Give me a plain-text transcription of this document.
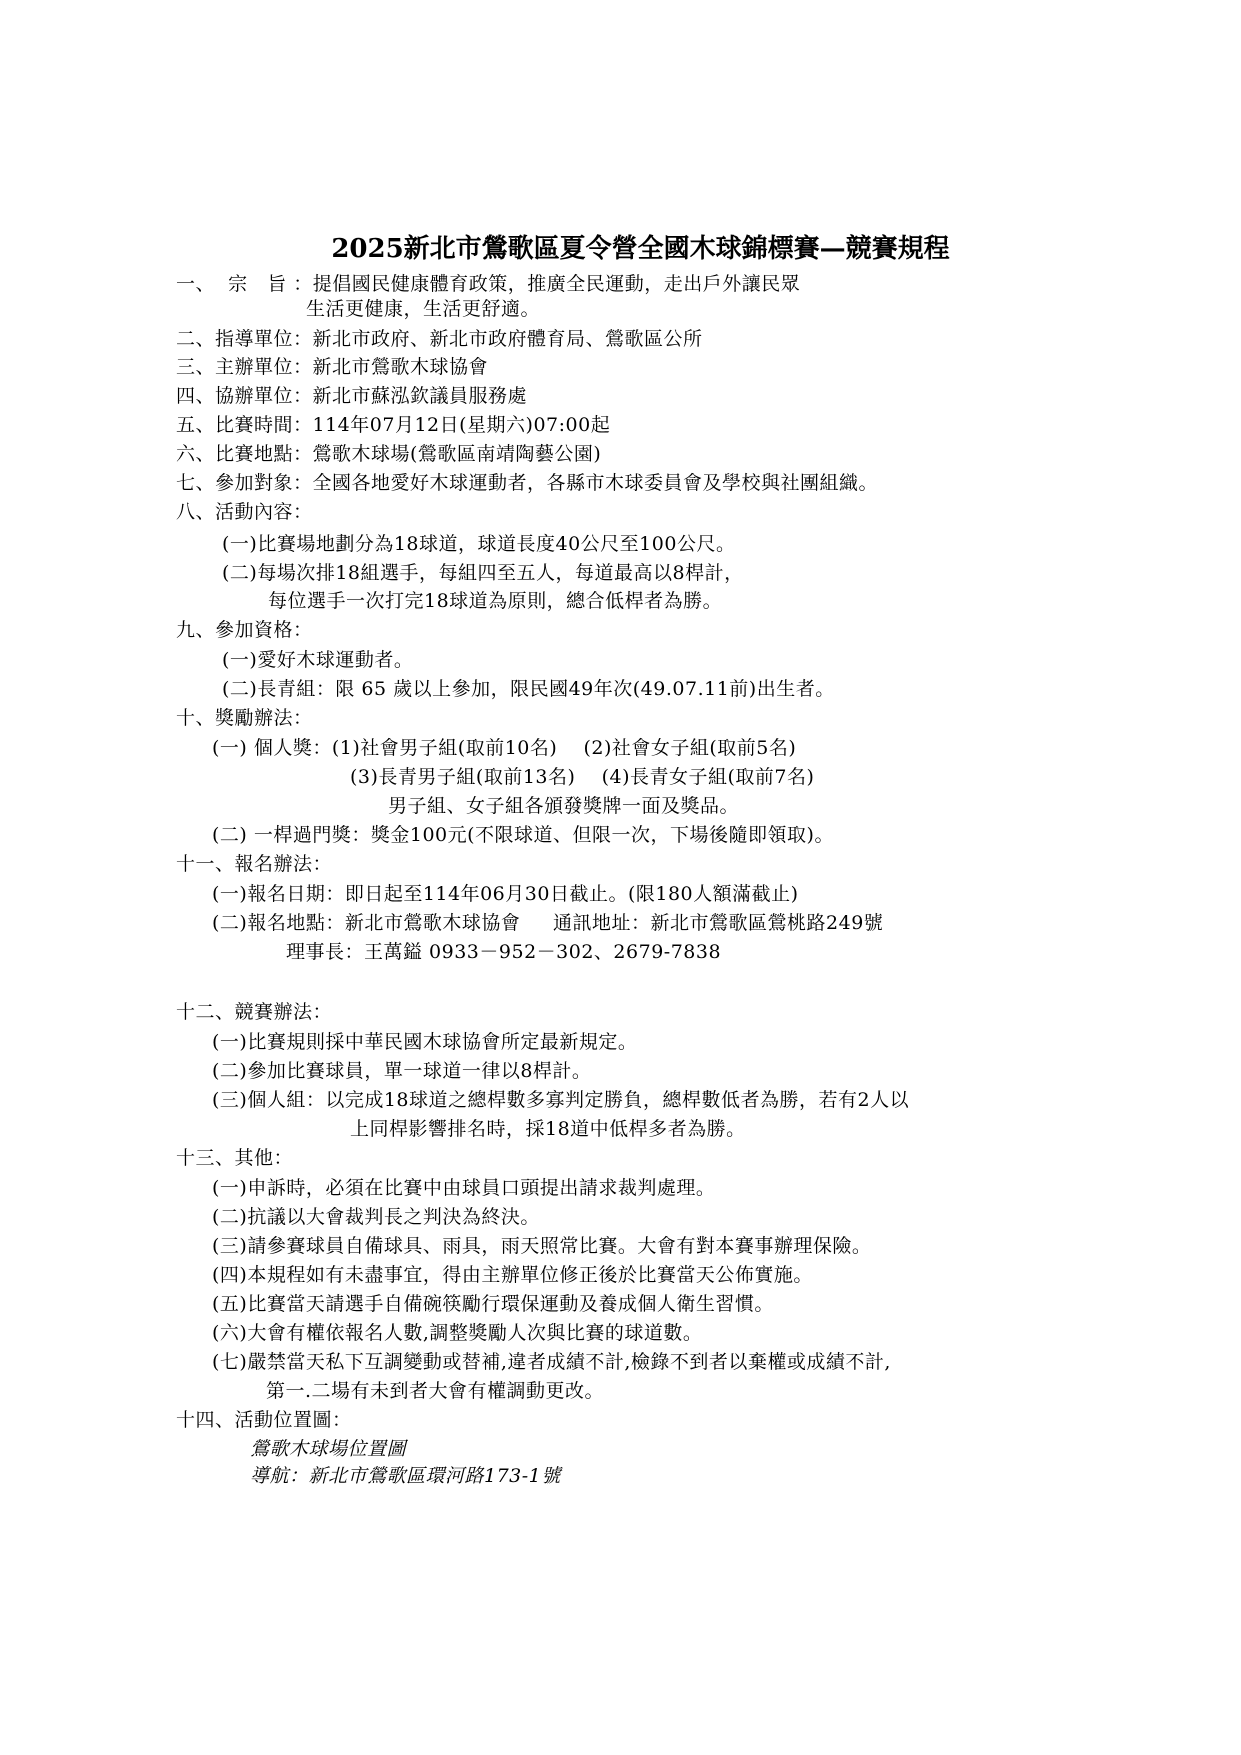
2025新北市鶯歌區夏令營全國木球錦標賽—競賽規程
一、  宗   旨 ：提倡國民健康體育政策，推廣全民運動，走出戶外讓民眾
生活更健康，生活更舒適。
二、指導單位：新北市政府、新北市政府體育局、鶯歌區公所
三、主辦單位：新北市鶯歌木球協會
四、協辦單位：新北市蘇泓欽議員服務處
五、比賽時間：114年07月12日(星期六)07:00起
六、比賽地點：鶯歌木球場(鶯歌區南靖陶藝公園)
七、參加對象：全國各地愛好木球運動者，各縣市木球委員會及學校與社團組織。
八、活動內容：
(一)比賽場地劃分為18球道，球道長度40公尺至100公尺。
(二)每場次排18組選手，每組四至五人，每道最高以8桿計，
每位選手一次打完18球道為原則，總合低桿者為勝。
九、參加資格：
(一)愛好木球運動者。
(二)長青組：限 65 歲以上參加，限民國49年次(49.07.11前)出生者。
十、獎勵辦法：
(一) 個人獎：(1)社會男子組(取前10名)    (2)社會女子組(取前5名)
(3)長青男子組(取前13名)    (4)長青女子組(取前7名)
男子組、女子組各頒發獎牌一面及獎品。
(二) 一桿過門獎：獎金100元(不限球道、但限一次，下場後隨即領取)。
十一、報名辦法：
(一)報名日期：即日起至114年06月30日截止。(限180人額滿截止)
(二)報名地點：新北市鶯歌木球協會     通訊地址：新北市鶯歌區鶯桃路249號
理事長：王萬鎰 0933－952－302、2679-7838
十二、競賽辦法：
(一)比賽規則採中華民國木球協會所定最新規定。
(二)參加比賽球員，單一球道一律以8桿計。
(三)個人組：以完成18球道之總桿數多寡判定勝負，總桿數低者為勝，若有2人以
上同桿影響排名時，採18道中低桿多者為勝。
十三、其他：
(一)申訴時，必須在比賽中由球員口頭提出請求裁判處理。
(二)抗議以大會裁判長之判決為終決。
(三)請參賽球員自備球具、雨具，雨天照常比賽。大會有對本賽事辦理保險。
(四)本規程如有未盡事宜，得由主辦單位修正後於比賽當天公佈實施。
(五)比賽當天請選手自備碗筷勵行環保運動及養成個人衛生習慣。
(六)大會有權依報名人數,調整獎勵人次與比賽的球道數。
(七)嚴禁當天私下互調變動或替補,違者成績不計,檢錄不到者以棄權或成績不計,
第一.二場有未到者大會有權調動更改。
十四、活動位置圖：
鶯歌木球場位置圖
導航：新北市鶯歌區環河路173-1號
